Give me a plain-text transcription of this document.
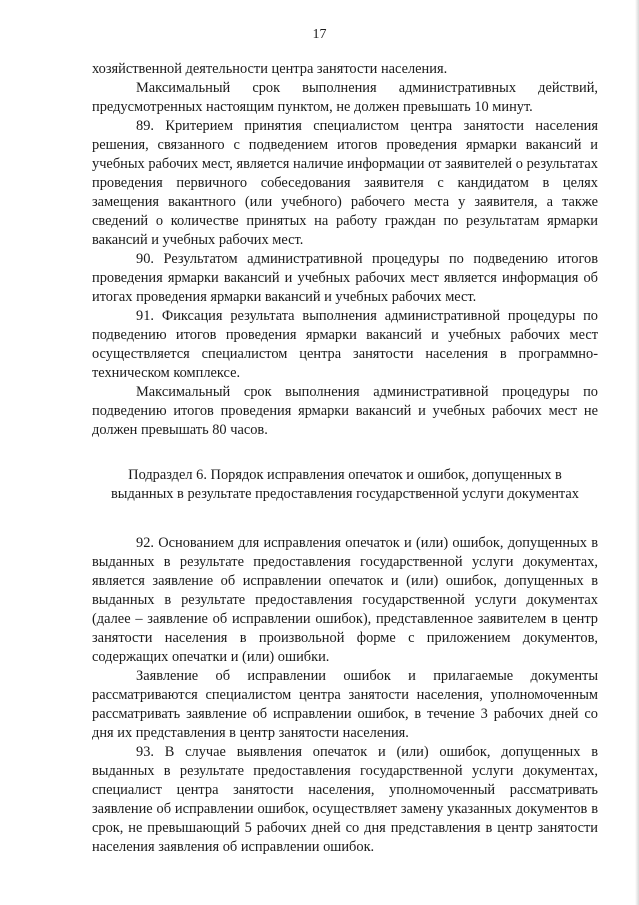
17

хозяйственной деятельности центра занятости населения.

Максимальный срок выполнения административных действий, предусмотренных настоящим пунктом, не должен превышать 10 минут.

89. Критерием принятия специалистом центра занятости населения решения, связанного с подведением итогов проведения ярмарки вакансий и учебных рабочих мест, является наличие информации от заявителей о результатах проведения первичного собеседования заявителя с кандидатом в целях замещения вакантного (или учебного) рабочего места у заявителя, а также сведений о количестве принятых на работу граждан по результатам ярмарки вакансий и учебных рабочих мест.

90. Результатом административной процедуры по подведению итогов проведения ярмарки вакансий и учебных рабочих мест является информация об итогах проведения ярмарки вакансий и учебных рабочих мест.

91. Фиксация результата выполнения административной процедуры по подведению итогов проведения ярмарки вакансий и учебных рабочих мест осуществляется специалистом центра занятости населения в программно-техническом комплексе.

Максимальный срок выполнения административной процедуры по подведению итогов проведения ярмарки вакансий и учебных рабочих мест не должен превышать 80 часов.

Подраздел 6. Порядок исправления опечаток и ошибок, допущенных в выданных в результате предоставления государственной услуги документах

92. Основанием для исправления опечаток и (или) ошибок, допущенных в выданных в результате предоставления государственной услуги документах, является заявление об исправлении опечаток и (или) ошибок, допущенных в выданных в результате предоставления государственной услуги документах (далее – заявление об исправлении ошибок), представленное заявителем в центр занятости населения в произвольной форме с приложением документов, содержащих опечатки и (или) ошибки.

Заявление об исправлении ошибок и прилагаемые документы рассматриваются специалистом центра занятости населения, уполномоченным рассматривать заявление об исправлении ошибок, в течение 3 рабочих дней со дня их представления в центр занятости населения.

93. В случае выявления опечаток и (или) ошибок, допущенных в выданных в результате предоставления государственной услуги документах, специалист центра занятости населения, уполномоченный рассматривать заявление об исправлении ошибок, осуществляет замену указанных документов в срок, не превышающий 5 рабочих дней со дня представления в центр занятости населения заявления об исправлении ошибок.
